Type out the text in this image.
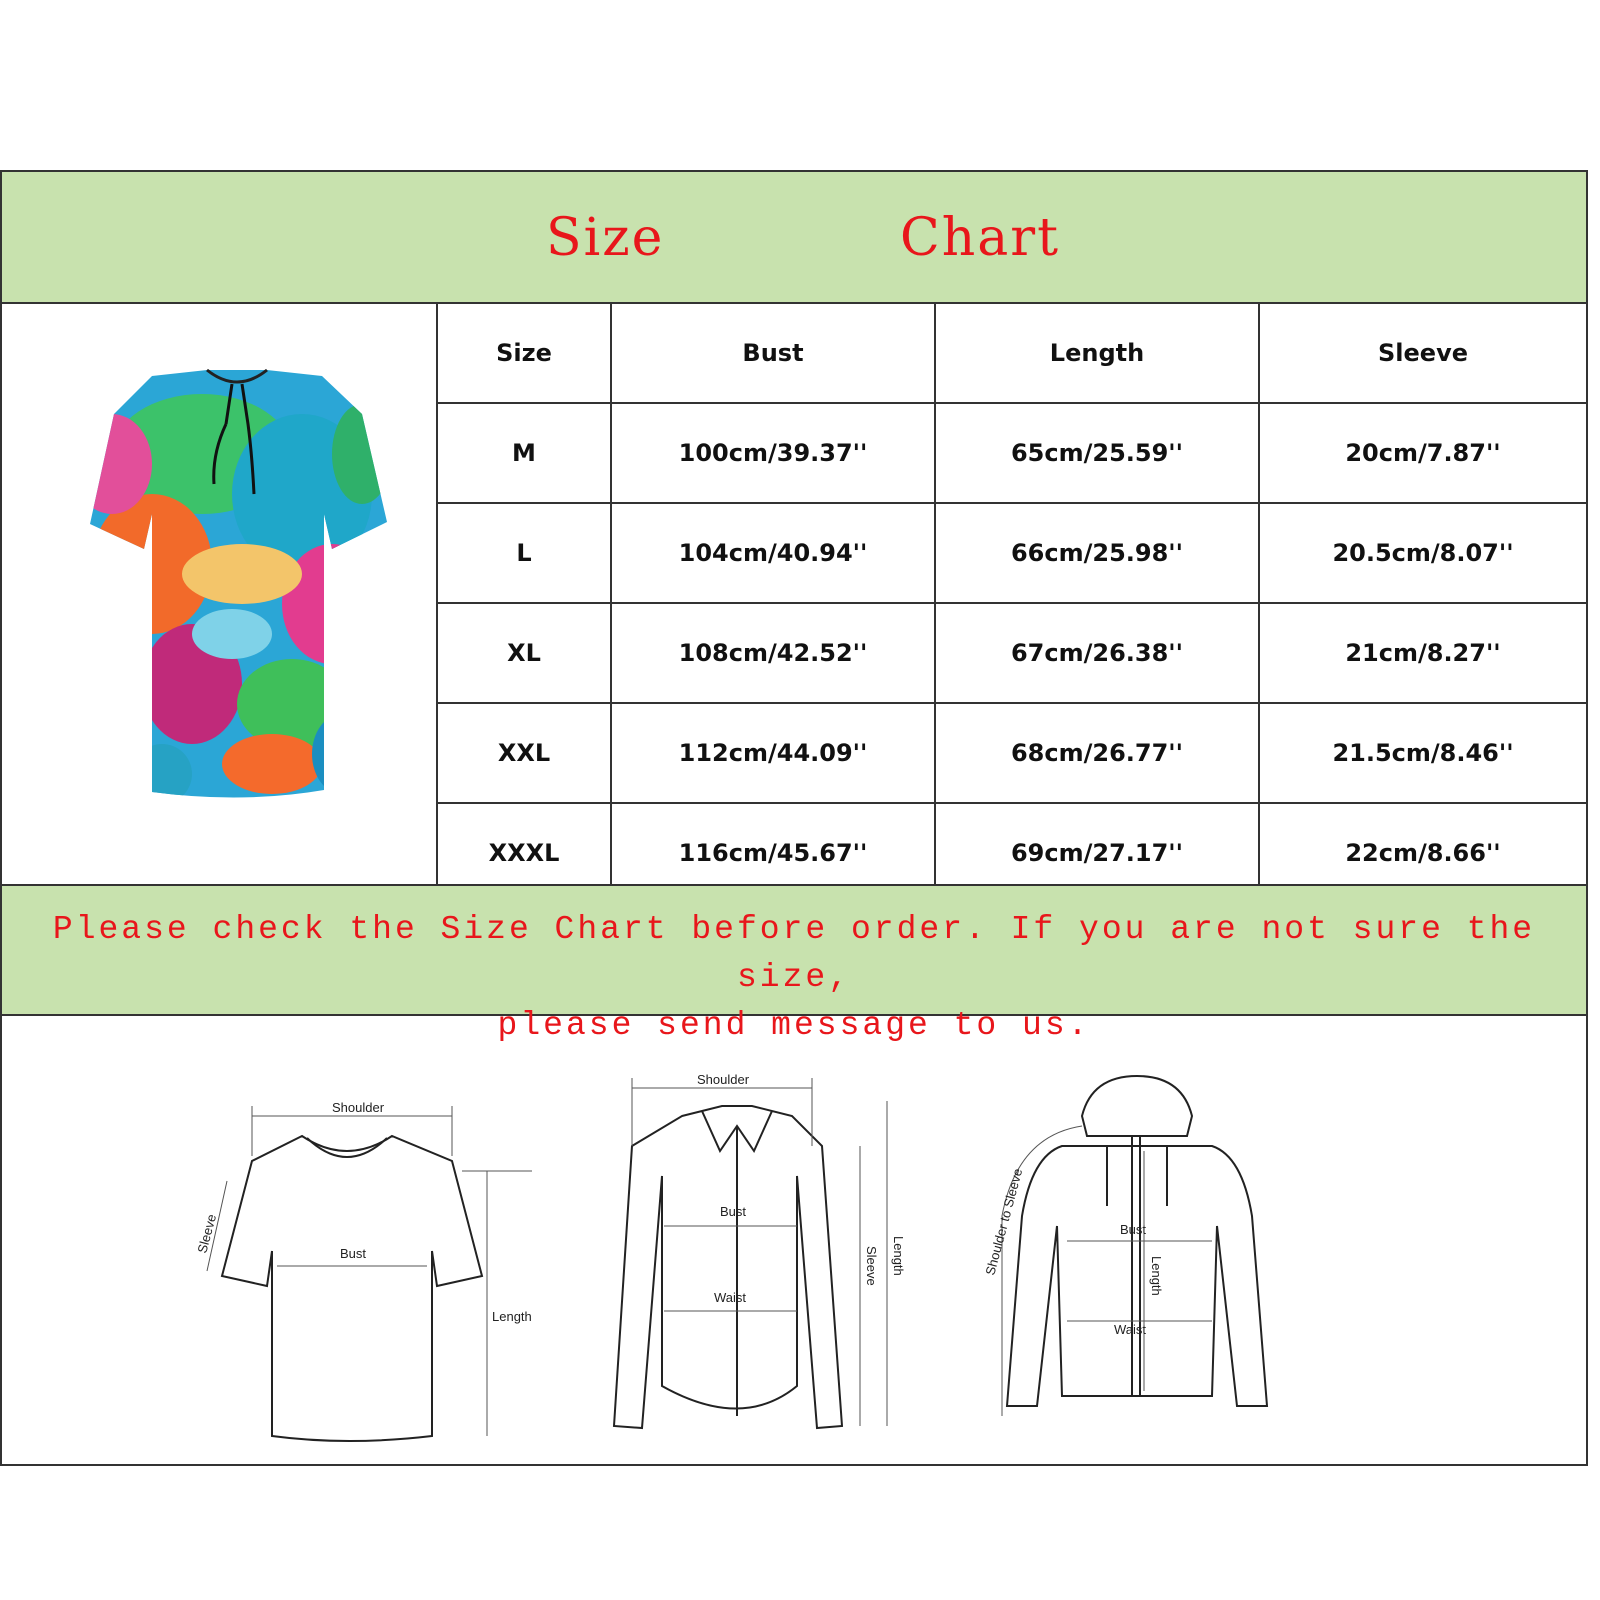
Size	Chart
Size	Bust	Length	Sleeve
M	100cm/39.37''	65cm/25.59''	20cm/7.87''
L	104cm/40.94''	66cm/25.98''	20.5cm/8.07''
XL	108cm/42.52''	67cm/26.38''	21cm/8.27''
XXL	112cm/44.09''	68cm/26.77''	21.5cm/8.46''
XXXL	116cm/45.67''	69cm/27.17''	22cm/8.66''
Please check the Size Chart before order. If you are not sure the size,
please send message to us.
Shoulder
Bust
Length
Sleeve
Shoulder
Bust
Waist
Sleeve Length
Bust
Waist
Length
Shoulder to Sleeve
